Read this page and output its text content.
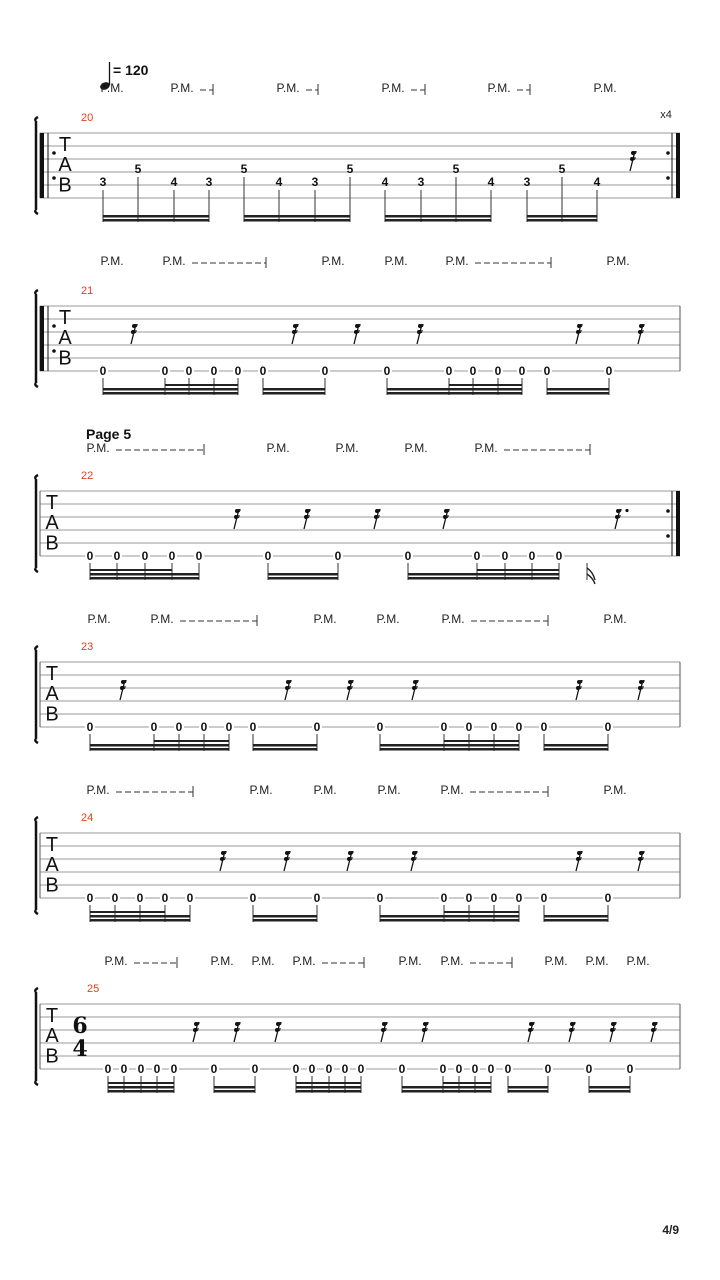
= 120
Page 5
4/9
P.M.	P.M.	P.M.	P.M.	P.M.	P.M.
T
A
B
x4
20
3
5
4 3
5
4 3
5
4 3
5
4 3
5
4
P.M.	P.M.	P.M.	P.M.	P.M.	P.M.
T
A
B
21
0	0 0 0 0 0	0	0	0 0 0 0 0	0
P.M.	P.M.	P.M.	P.M.	P.M.
T
A
B
22
0 0 0 0 0	0	0	0	0 0 0 0
P.M.	P.M.	P.M.	P.M.	P.M.	P.M.
T
A
B
23
0	0 0 0 0 0	0	0	0 0 0 0 0	0
P.M.	P.M.	P.M.	P.M.	P.M.	P.M.
T
A
B
24
0 0 0 0 0	0	0	0	0 0 0 0 0	0
P.M.	P.M. P.M. P.M.	P.M. P.M.	P.M. P.M. P.M.
T
A
B
25
6
4
0 0 0 0 0	0	0	0 0 0 0 0	0	0 0 0 0 0	0	0	0
